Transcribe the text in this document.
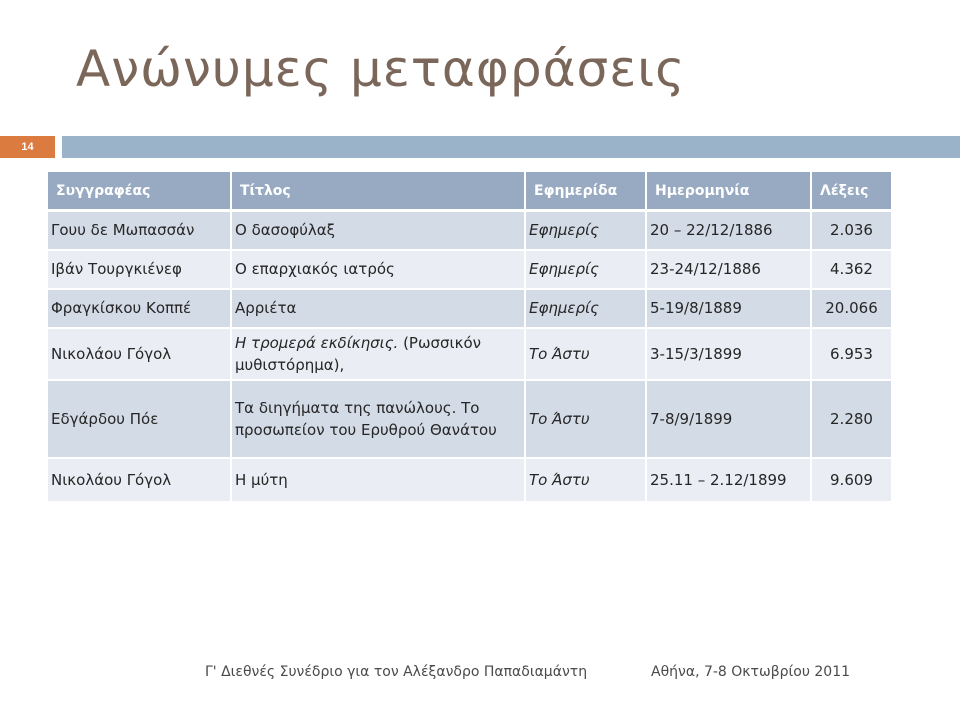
Ανώνυμες μεταφράσεις
14
Συγγραφέας	Τίτλος	Εφημερίδα	Ημερομηνία	Λέξεις
Γουυ δε Μωπασσάν	Ο δασοφύλαξ	Εφημερίς	20 – 22/12/1886	2.036
Ιβάν Τουργκιένεφ	Ο επαρχιακός ιατρός	Εφημερίς	23-24/12/1886	4.362
Φραγκίσκου Κοππέ	Αρριέτα	Εφημερίς	5-19/8/1889	20.066
Νικολάου Γόγολ	Η τρομερά εκδίκησις. (Ρωσσικόν μυθιστόρημα),	Το Άστυ	3-15/3/1899	6.953
Εδγάρδου Πόε	Τα διηγήματα της πανώλους. Το προσωπείον του Ερυθρού Θανάτου	Το Άστυ	7-8/9/1899	2.280
Νικολάου Γόγολ	Η μύτη	Το Άστυ	25.11 – 2.12/1899	9.609
Γ' Διεθνές Συνέδριο για τον Αλέξανδρο Παπαδιαμάντη	Αθήνα, 7-8 Οκτωβρίου 2011
